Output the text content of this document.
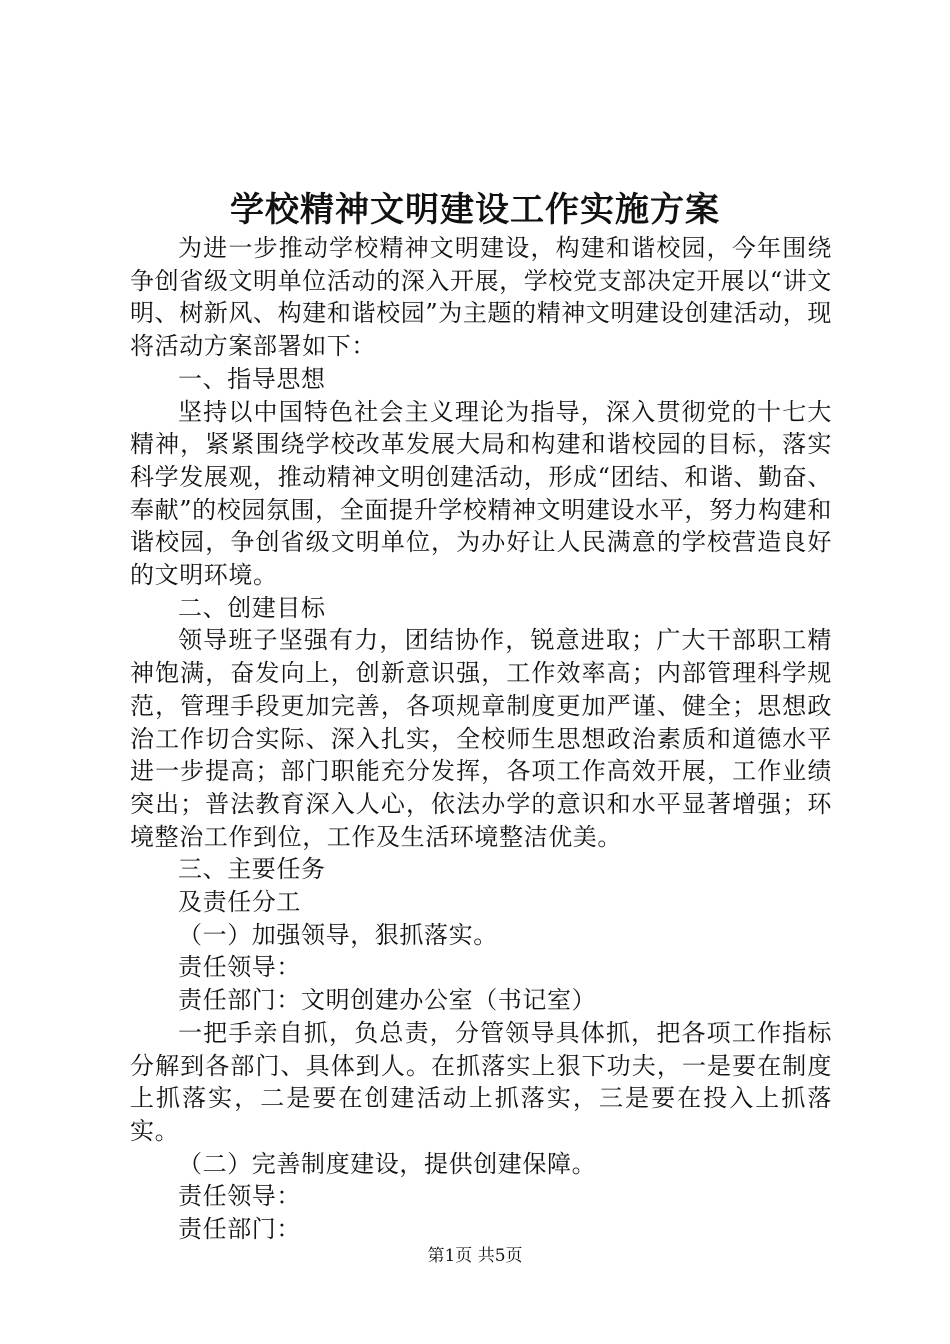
学校精神文明建设工作实施方案

为进一步推动学校精神文明建设，构建和谐校园，今年围绕争创省级文明单位活动的深入开展，学校党支部决定开展以“讲文明、树新风、构建和谐校园”为主题的精神文明建设创建活动，现将活动方案部署如下：

一、指导思想

坚持以中国特色社会主义理论为指导，深入贯彻党的十七大精神，紧紧围绕学校改革发展大局和构建和谐校园的目标，落实科学发展观，推动精神文明创建活动，形成“团结、和谐、勤奋、奉献”的校园氛围，全面提升学校精神文明建设水平，努力构建和谐校园，争创省级文明单位，为办好让人民满意的学校营造良好的文明环境。

二、创建目标

领导班子坚强有力，团结协作，锐意进取；广大干部职工精神饱满，奋发向上，创新意识强，工作效率高；内部管理科学规范，管理手段更加完善，各项规章制度更加严谨、健全；思想政治工作切合实际、深入扎实，全校师生思想政治素质和道德水平进一步提高；部门职能充分发挥，各项工作高效开展，工作业绩突出；普法教育深入人心，依法办学的意识和水平显著增强；环境整治工作到位，工作及生活环境整洁优美。

三、主要任务

及责任分工

（一）加强领导，狠抓落实。

责任领导：

责任部门：文明创建办公室（书记室）

一把手亲自抓，负总责，分管领导具体抓，把各项工作指标分解到各部门、具体到人。在抓落实上狠下功夫，一是要在制度上抓落实，二是要在创建活动上抓落实，三是要在投入上抓落实。

（二）完善制度建设，提供创建保障。

责任领导：

责任部门：

第1页 共5页
